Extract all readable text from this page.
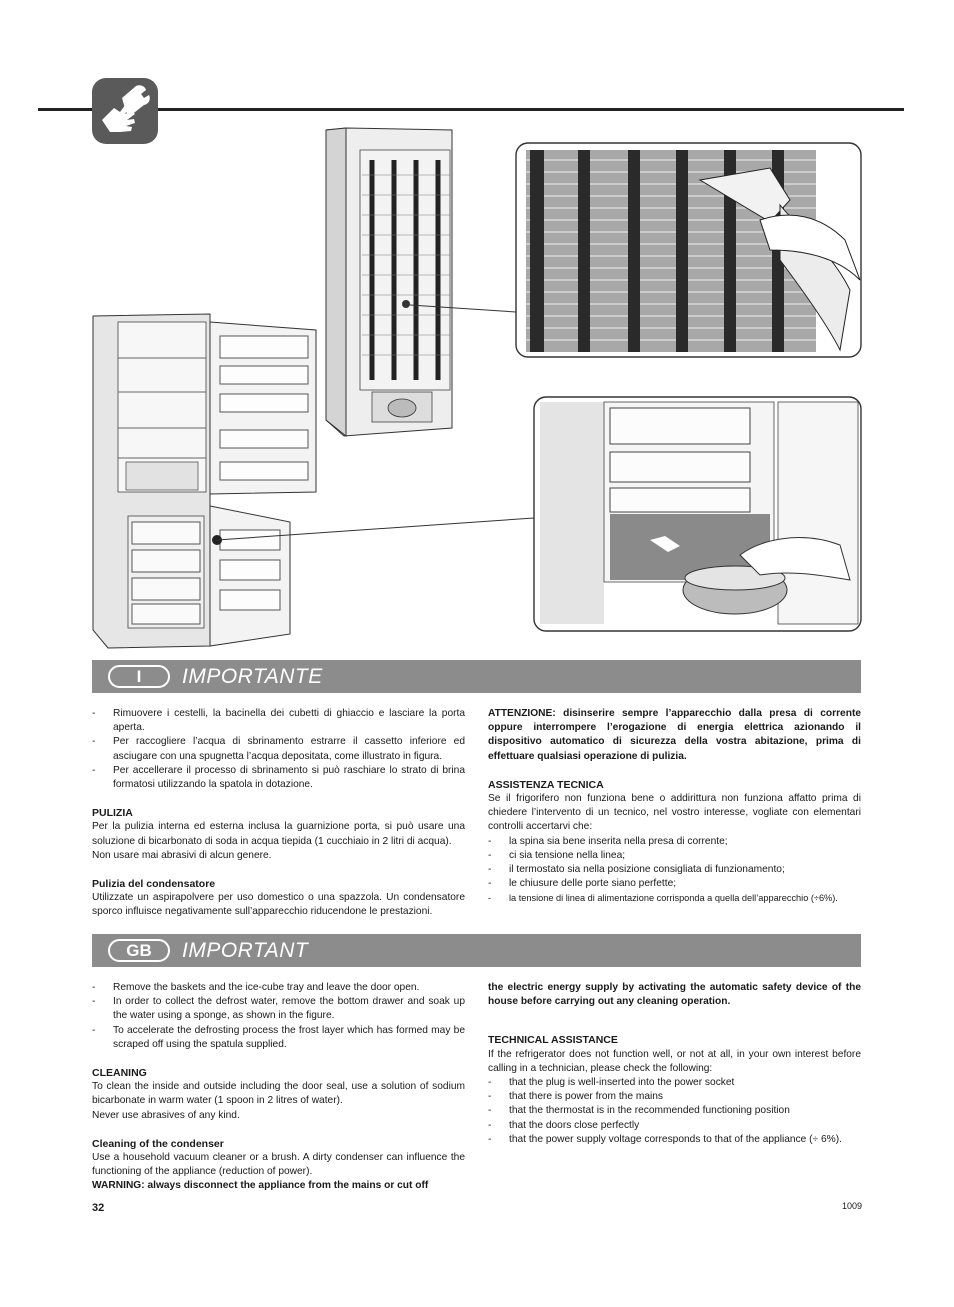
I	IMPORTANTE
- Rimuovere i cestelli, la bacinella dei cubetti di ghiaccio e lasciare la porta aperta.
- Per raccogliere l’acqua di sbrinamento estrarre il cassetto inferiore ed asciugare con una spugnetta l’acqua depositata, come illustrato in figura.
- Per accellerare il processo di sbrinamento si può raschiare lo strato di brina formatosi utilizzando la spatola in dotazione.
PULIZIA
Per la pulizia interna ed esterna inclusa la guarnizione porta, si può usare una soluzione di bicarbonato di soda in acqua tiepida (1 cucchiaio in 2 litri di acqua).
Non usare mai abrasivi di alcun genere.
Pulizia del condensatore
Utilizzate un aspirapolvere per uso domestico o una spazzola. Un condensatore sporco influisce negativamente sull’apparecchio riducendone le prestazioni.
ATTENZIONE: disinserire sempre l’apparecchio dalla presa di corrente oppure interrompere l’erogazione di energia elettrica azionando il dispositivo automatico di sicurezza della vostra abitazione, prima di effettuare qualsiasi operazione di pulizia.
ASSISTENZA TECNICA
Se il frigorifero non funziona bene o addirittura non funziona affatto prima di chiedere l’intervento di un tecnico, nel vostro interesse, vogliate con elementari controlli accertarvi che:
- la spina sia bene inserita nella presa di corrente;
- ci sia tensione nella linea;
- il termostato sia nella posizione consigliata di funzionamento;
- le chiusure delle porte siano perfette;
- la tensione di linea di alimentazione corrisponda a quella dell’apparecchio (÷6%).
GB	IMPORTANT
- Remove the baskets and the ice-cube tray and leave the door open.
- In order to collect the defrost water, remove the bottom drawer and soak up the water using a sponge, as shown in the figure.
- To accelerate the defrosting process the frost layer which has formed may be scraped off using the spatula supplied.
CLEANING
To clean the inside and outside including the door seal, use a solution of sodium bicarbonate in warm water (1 spoon in 2 litres of water).
Never use abrasives of any kind.
Cleaning of the condenser
Use a household vacuum cleaner or a brush. A dirty condenser can influence the functioning of the appliance (reduction of power).
WARNING: always disconnect the appliance from the mains or cut off
the electric energy supply by activating the automatic safety device of the house before carrying out any cleaning operation.
TECHNICAL ASSISTANCE
If the refrigerator does not function well, or not at all, in your own interest before calling in a technician, please check the following:
- that the plug is well-inserted into the power socket
- that there is power from the mains
- that the thermostat is in the recommended functioning position
- that the doors close perfectly
- that the power supply voltage corresponds to that of the appliance (÷ 6%).
32	1009
